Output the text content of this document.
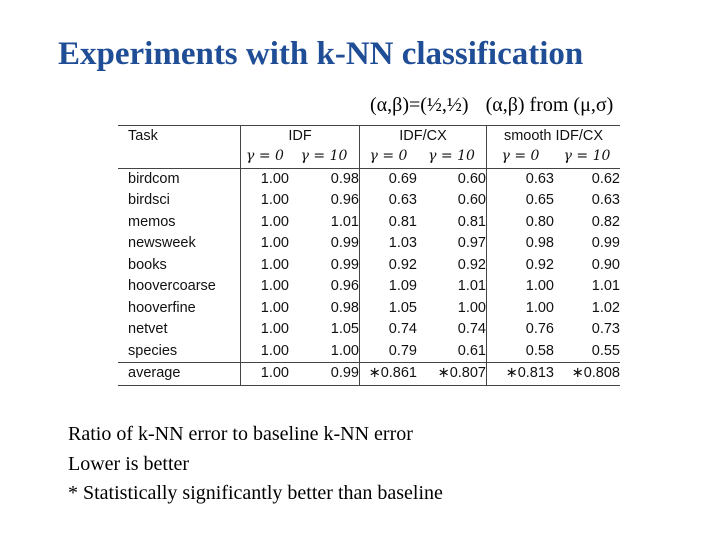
Experiments with k-NN classification
(α,β)=(½,½) (α,β) from (μ,σ)
Task	IDF		IDF/CX		smooth IDF/CX	
	γ = 0	γ = 10	γ = 0	γ = 10	γ = 0	γ = 10
birdcom	1.00	0.98	0.69	0.60	0.63	0.62
birdsci	1.00	0.96	0.63	0.60	0.65	0.63
memos	1.00	1.01	0.81	0.81	0.80	0.82
newsweek	1.00	0.99	1.03	0.97	0.98	0.99
books	1.00	0.99	0.92	0.92	0.92	0.90
hoovercoarse	1.00	0.96	1.09	1.01	1.00	1.01
hooverfine	1.00	0.98	1.05	1.00	1.00	1.02
netvet	1.00	1.05	0.74	0.74	0.76	0.73
species	1.00	1.00	0.79	0.61	0.58	0.55
average	1.00	0.99	∗0.861	∗0.807	∗0.813	∗0.808
Ratio of k-NN error to baseline k-NN error
Lower is better
* Statistically significantly better than baseline
